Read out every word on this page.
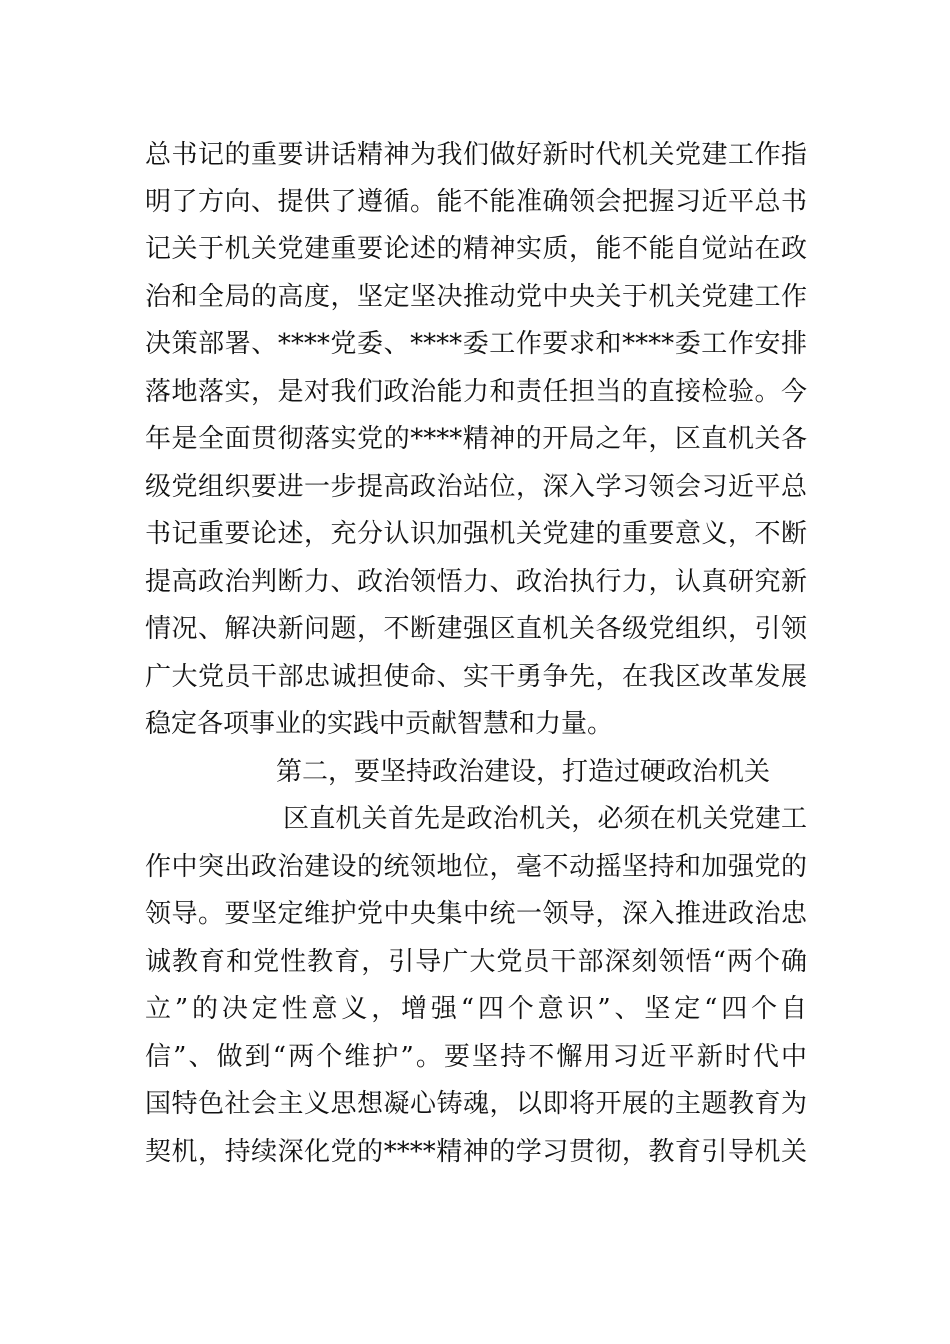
总书记的重要讲话精神为我们做好新时代机关党建工作指
明了方向、提供了遵循。能不能准确领会把握习近平总书
记关于机关党建重要论述的精神实质，能不能自觉站在政
治和全局的高度，坚定坚决推动党中央关于机关党建工作
决策部署、****党委、****委工作要求和****委工作安排
落地落实，是对我们政治能力和责任担当的直接检验。今
年是全面贯彻落实党的****精神的开局之年，区直机关各
级党组织要进一步提高政治站位，深入学习领会习近平总
书记重要论述，充分认识加强机关党建的重要意义，不断
提高政治判断力、政治领悟力、政治执行力，认真研究新
情况、解决新问题，不断建强区直机关各级党组织，引领
广大党员干部忠诚担使命、实干勇争先，在我区改革发展
稳定各项事业的实践中贡献智慧和力量。
第二，要坚持政治建设，打造过硬政治机关
区直机关首先是政治机关，必须在机关党建工
作中突出政治建设的统领地位，毫不动摇坚持和加强党的
领导。要坚定维护党中央集中统一领导，深入推进政治忠
诚教育和党性教育，引导广大党员干部深刻领悟“两个确
立”的决定性意义，增强“四个意识”、坚定“四个自
信”、做到“两个维护”。要坚持不懈用习近平新时代中
国特色社会主义思想凝心铸魂，以即将开展的主题教育为
契机，持续深化党的****精神的学习贯彻，教育引导机关
